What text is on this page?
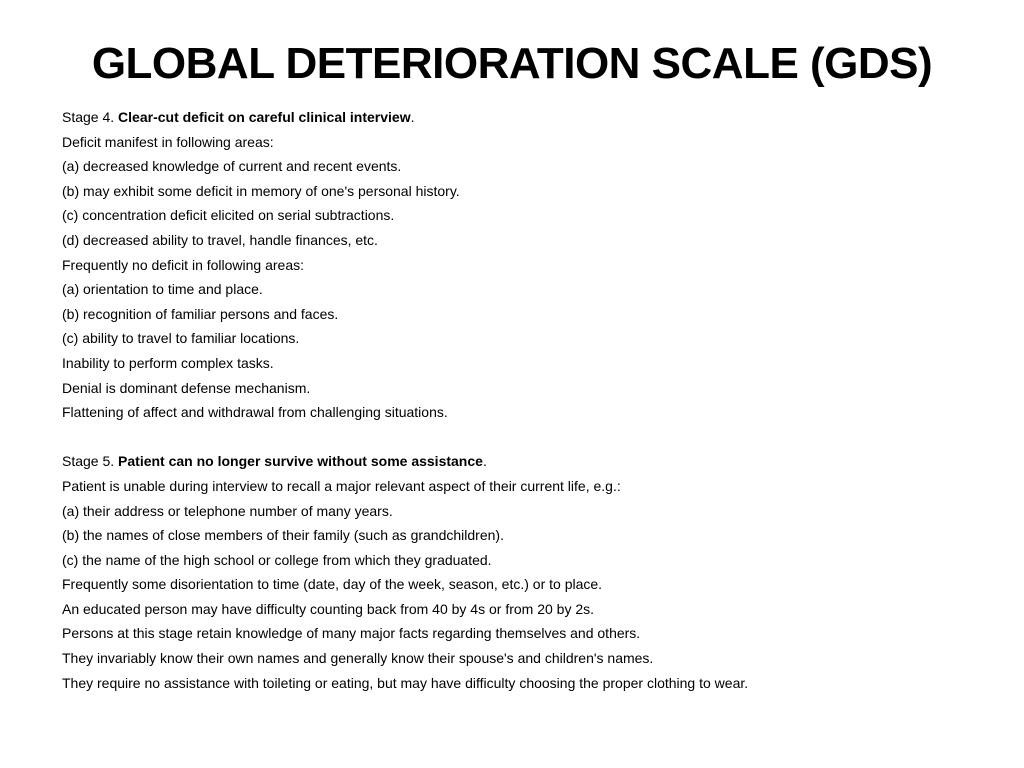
GLOBAL DETERIORATION SCALE (GDS)
Stage 4. Clear-cut deficit on careful clinical interview.
Deficit manifest in following areas:
(a) decreased knowledge of current and recent events.
(b) may exhibit some deficit in memory of one's personal history.
(c) concentration deficit elicited on serial subtractions.
(d) decreased ability to travel, handle finances, etc.
Frequently no deficit in following areas:
(a) orientation to time and place.
(b) recognition of familiar persons and faces.
(c) ability to travel to familiar locations.
Inability to perform complex tasks.
Denial is dominant defense mechanism.
Flattening of affect and withdrawal from challenging situations.
Stage 5. Patient can no longer survive without some assistance.
Patient is unable during interview to recall a major relevant aspect of their current life, e.g.:
(a) their address or telephone number of many years.
(b) the names of close members of their family (such as grandchildren).
(c) the name of the high school or college from which they graduated.
Frequently some disorientation to time (date, day of the week, season, etc.) or to place.
An educated person may have difficulty counting back from 40 by 4s or from 20 by 2s.
Persons at this stage retain knowledge of many major facts regarding themselves and others.
They invariably know their own names and generally know their spouse's and children's names.
They require no assistance with toileting or eating, but may have difficulty choosing the proper clothing to wear.
